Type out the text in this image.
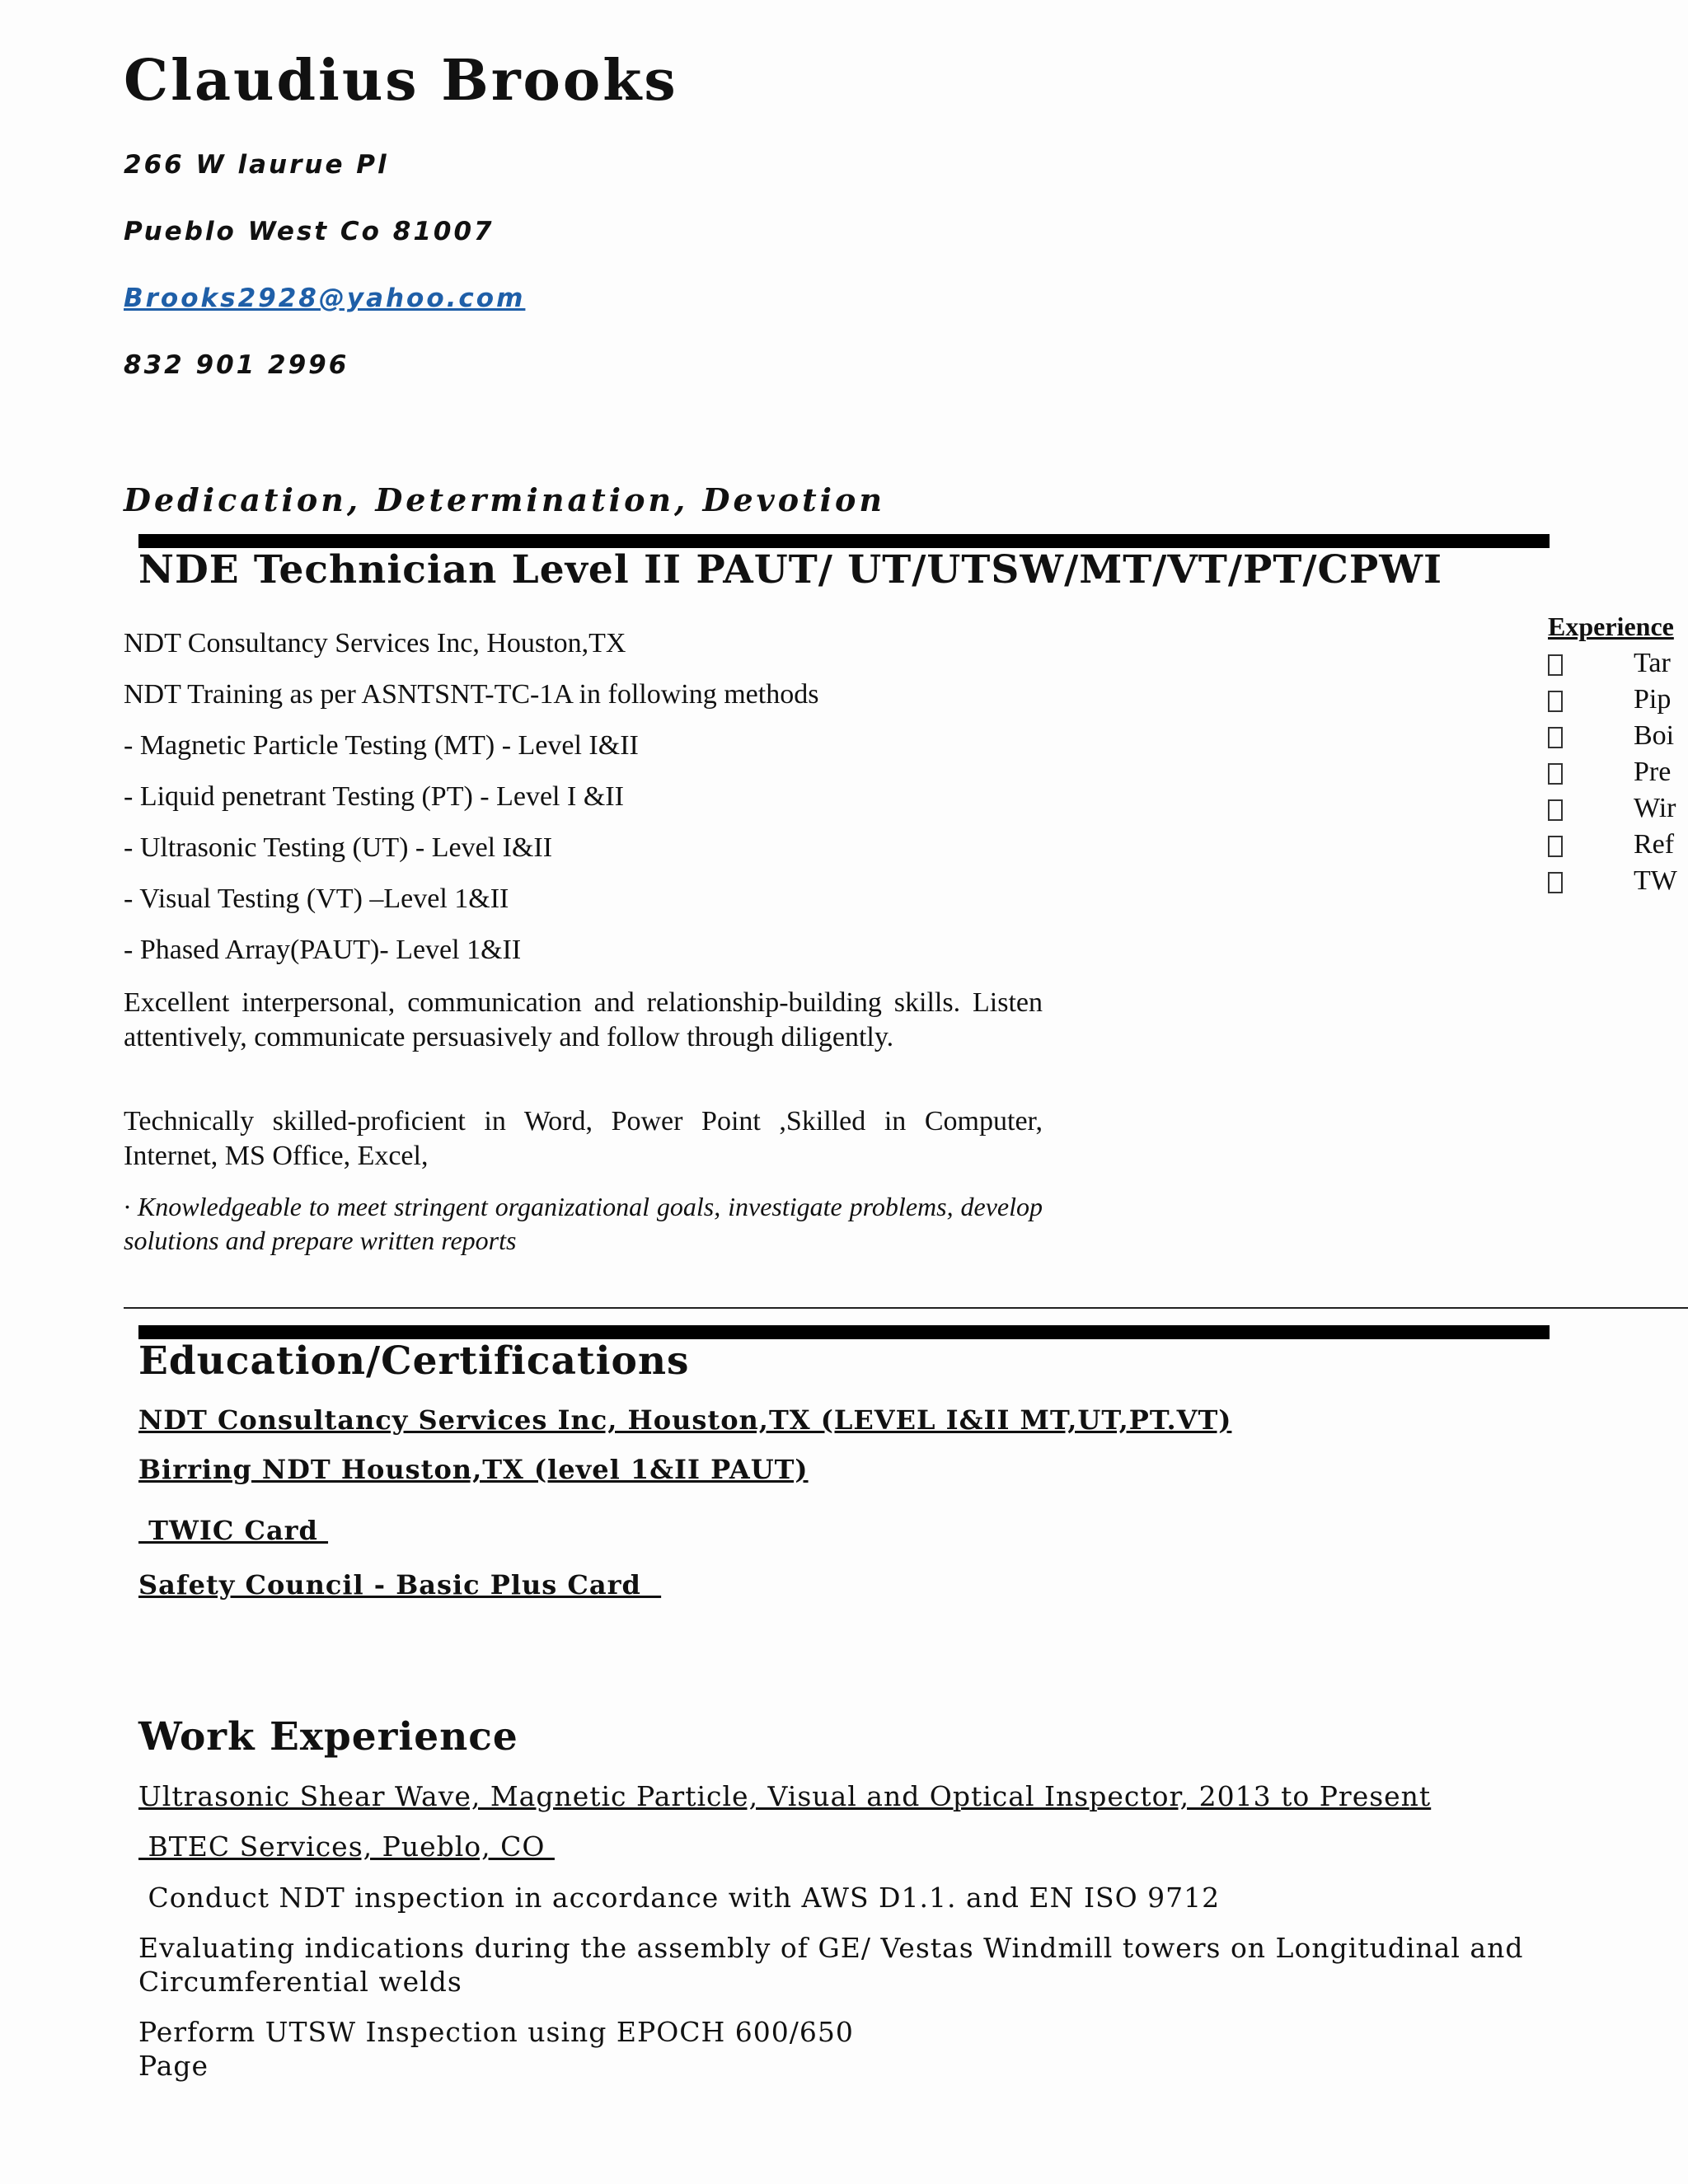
Claudius Brooks
266 W laurue Pl
Pueblo West Co 81007
Brooks2928@yahoo.com
832 901 2996
Dedication, Determination, Devotion
NDE Technician Level II PAUT/ UT/UTSW/MT/VT/PT/CPWI
NDT Consultancy Services Inc, Houston,TX
NDT Training as per ASNTSNT-TC-1A in following methods
- Magnetic Particle Testing (MT) - Level I&II
- Liquid penetrant Testing (PT) - Level I &II
- Ultrasonic Testing (UT) - Level I&II
- Visual Testing (VT) –Level 1&II
- Phased Array(PAUT)- Level 1&II

Excellent interpersonal, communication and relationship-building skills. Listen attentively, communicate persuasively and follow through diligently.

Technically skilled-proficient in Word, Power Point ,Skilled in Computer, Internet, MS Office, Excel,

· Knowledgeable to meet stringent organizational goals, investigate problems, develop solutions and prepare written reports

Experience
Tar
Pip
Boi
Pre
Wir
Ref
TW
Education/Certifications
NDT Consultancy Services Inc, Houston,TX (LEVEL I&II MT,UT,PT.VT)
Birring NDT Houston,TX (level 1&II PAUT)
TWIC Card
Safety Council - Basic Plus Card
Work Experience
Ultrasonic Shear Wave, Magnetic Particle, Visual and Optical Inspector, 2013 to Present
BTEC Services, Pueblo, CO
Conduct NDT inspection in accordance with AWS D1.1. and EN ISO 9712
Evaluating indications during the assembly of GE/ Vestas Windmill towers on Longitudinal and
Circumferential welds
Perform UTSW Inspection using EPOCH 600/650
Page
